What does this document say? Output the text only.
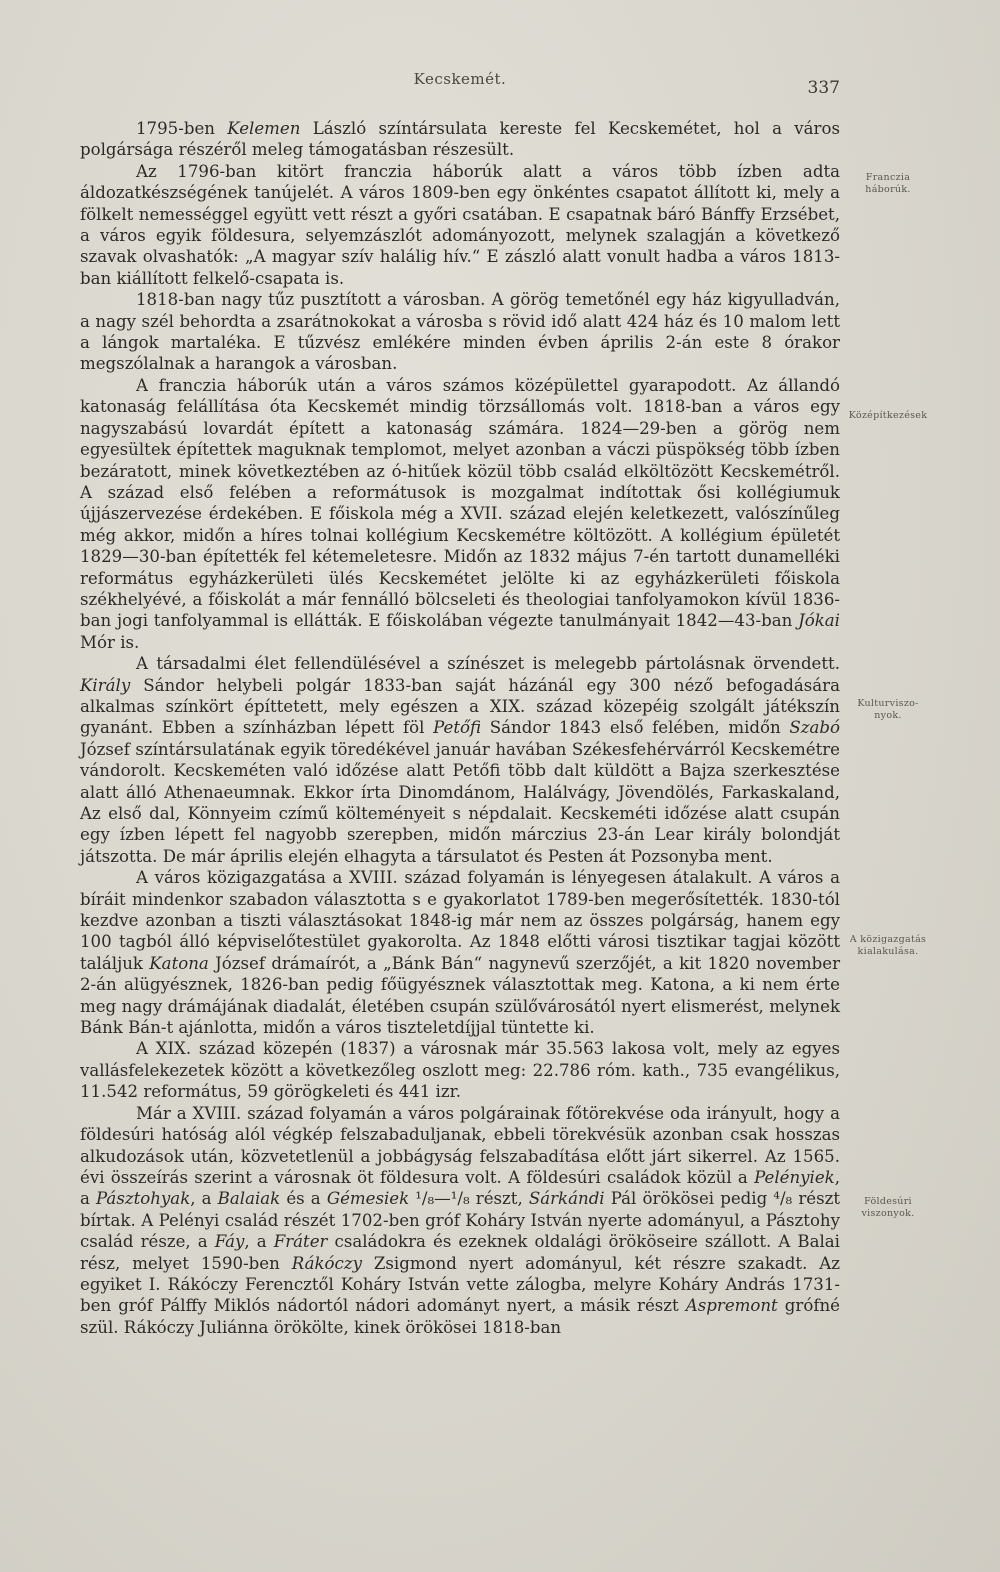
Kecskemét.	337

1795-ben Kelemen László színtársulata kereste fel Kecskemétet, hol a város polgársága részéről meleg támogatásban részesült.

Az 1796-ban kitört franczia háborúk alatt a város több ízben adta áldozatkészségének tanújelét. A város 1809-ben egy önkéntes csapatot állított ki, mely a fölkelt nemességgel együtt vett részt a győri csatában. E csapatnak báró Bánffy Erzsébet, a város egyik földesura, selyemzászlót adományozott, melynek szalagján a következő szavak olvashatók: „A magyar szív halálig hív.“ E zászló alatt vonult hadba a város 1813-ban kiállított felkelő-csapata is.

1818-ban nagy tűz pusztított a városban. A görög temetőnél egy ház kigyulladván, a nagy szél behordta a zsarátnokokat a városba s rövid idő alatt 424 ház és 10 malom lett a lángok martaléka. E tűzvész emlékére minden évben április 2-án este 8 órakor megszólalnak a harangok a városban.

A franczia háborúk után a város számos középülettel gyarapodott. Az állandó katonaság felállítása óta Kecskemét mindig törzsállomás volt. 1818-ban a város egy nagyszabású lovardát épített a katonaság számára. 1824—29-ben a görög nem egyesültek építettek maguknak templomot, melyet azonban a váczi püspökség több ízben bezáratott, minek következtében az ó-hitűek közül több család elköltözött Kecskemétről. A század első felében a reformátusok is mozgalmat indítottak ősi kollégiumuk újjászervezése érdekében. E főiskola még a XVII. század elején keletkezett, valószínűleg még akkor, midőn a híres tolnai kollégium Kecskemétre költözött. A kollégium épületét 1829—30-ban építették fel kétemeletesre. Midőn az 1832 május 7-én tartott dunamelléki református egyházkerületi ülés Kecskemétet jelölte ki az egyházkerületi főiskola székhelyévé, a főiskolát a már fennálló bölcseleti és theologiai tanfolyamokon kívül 1836-ban jogi tanfolyammal is ellátták. E főiskolában végezte tanulmányait 1842—43-ban Jókai Mór is.

A társadalmi élet fellendülésével a színészet is melegebb pártolásnak örvendett. Király Sándor helybeli polgár 1833-ban saját házánál egy 300 néző befogadására alkalmas színkört építtetett, mely egészen a XIX. század közepéig szolgált játékszín gyanánt. Ebben a színházban lépett föl Petőfi Sándor 1843 első felében, midőn Szabó József színtársulatának egyik töredékével január havában Székesfehérvárról Kecskemétre vándorolt. Kecskeméten való időzése alatt Petőfi több dalt küldött a Bajza szerkesztése alatt álló Athenaeumnak. Ekkor írta Dinomdánom, Halálvágy, Jövendölés, Farkaskaland, Az első dal, Könnyeim czímű költeményeit s népdalait. Kecskeméti időzése alatt csupán egy ízben lépett fel nagyobb szerepben, midőn márczius 23-án Lear király bolondját játszotta. De már április elején elhagyta a társulatot és Pesten át Pozsonyba ment.

A város közigazgatása a XVIII. század folyamán is lényegesen átalakult. A város a bíráit mindenkor szabadon választotta s e gyakorlatot 1789-ben megerősítették. 1830-tól kezdve azonban a tiszti választásokat 1848-ig már nem az összes polgárság, hanem egy 100 tagból álló képviselőtestület gyakorolta. Az 1848 előtti városi tisztikar tagjai között találjuk Katona József drámaírót, a „Bánk Bán“ nagynevű szerzőjét, a kit 1820 november 2-án alügyésznek, 1826-ban pedig főügyésznek választottak meg. Katona, a ki nem érte meg nagy drámájának diadalát, életében csupán szülővárosától nyert elismerést, melynek Bánk Bán-t ajánlotta, midőn a város tiszteletdíjjal tüntette ki.

A XIX. század közepén (1837) a városnak már 35.563 lakosa volt, mely az egyes vallásfelekezetek között a következőleg oszlott meg: 22.786 róm. kath., 735 evangélikus, 11.542 református, 59 görögkeleti és 441 izr.

Már a XVIII. század folyamán a város polgárainak főtörekvése oda irányult, hogy a földesúri hatóság alól végkép felszabaduljanak, ebbeli törekvésük azonban csak hosszas alkudozások után, közvetetlenül a jobbágyság felszabadítása előtt járt sikerrel. Az 1565. évi összeírás szerint a városnak öt földesura volt. A földesúri családok közül a Pelényiek, a Pásztohyak, a Balaiak és a Gémesiek ¹/₈—¹/₈ részt, Sárkándi Pál örökösei pedig ⁴/₈ részt bírtak. A Pelényi család részét 1702-ben gróf Koháry István nyerte adományul, a Pásztohy család része, a Fáy, a Fráter családokra és ezeknek oldalági örököseire szállott. A Balai rész, melyet 1590-ben Rákóczy Zsigmond nyert adományul, két részre szakadt. Az egyiket I. Rákóczy Ferencztől Koháry István vette zálogba, melyre Koháry András 1731-ben gróf Pálffy Miklós nádortól nádori adományt nyert, a másik részt Aspremont grófné szül. Rákóczy Juliánna örökölte, kinek örökösei 1818-ban

Franczia
háborúk.
Középítkezések
Kulturviszo-
nyok.
A közigazgatás
kialakulása.
Földesúri
viszonyok.
